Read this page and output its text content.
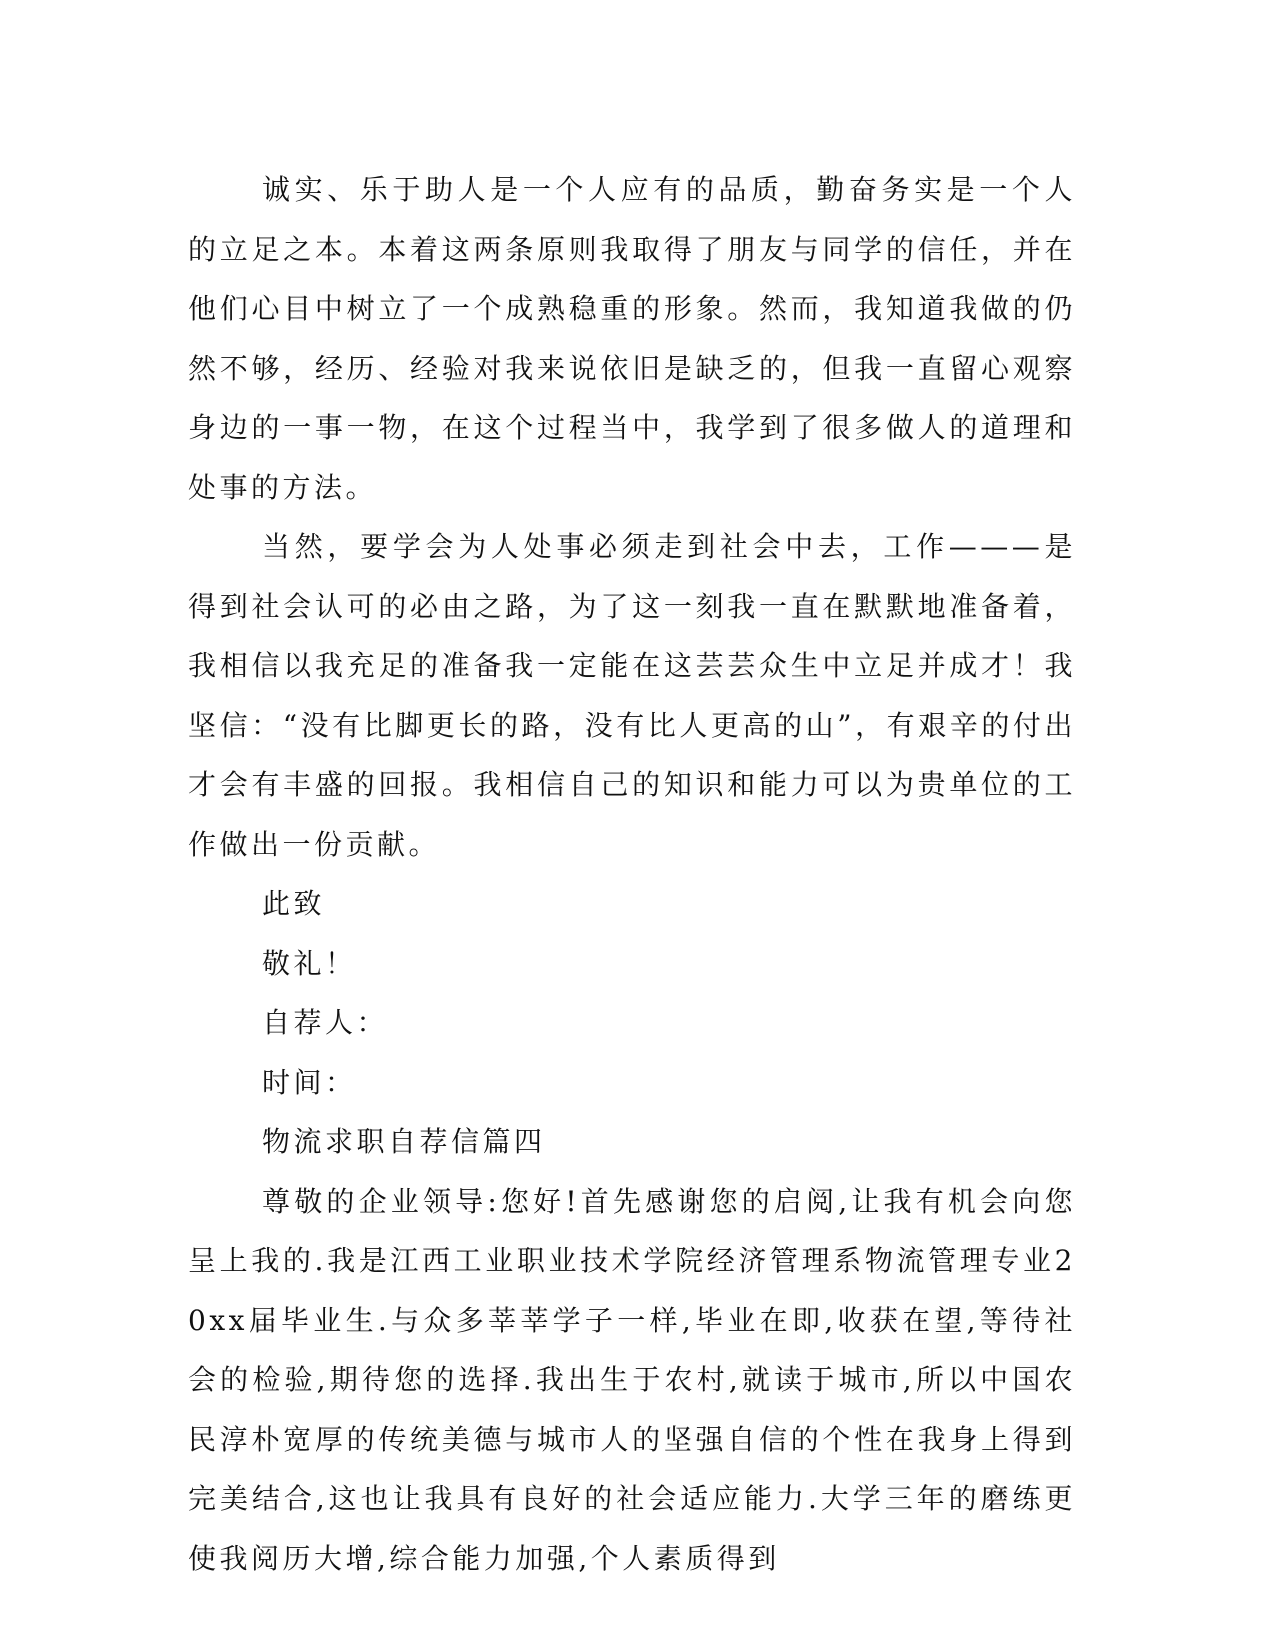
诚实、乐于助人是一个人应有的品质，勤奋务实是一个人的立足之本。本着这两条原则我取得了朋友与同学的信任，并在他们心目中树立了一个成熟稳重的形象。然而，我知道我做的仍然不够，经历、经验对我来说依旧是缺乏的，但我一直留心观察身边的一事一物，在这个过程当中，我学到了很多做人的道理和处事的方法。

当然，要学会为人处事必须走到社会中去，工作———是得到社会认可的必由之路，为了这一刻我一直在默默地准备着，我相信以我充足的准备我一定能在这芸芸众生中立足并成才！我坚信：“没有比脚更长的路，没有比人更高的山”，有艰辛的付出才会有丰盛的回报。我相信自己的知识和能力可以为贵单位的工作做出一份贡献。

此致

敬礼！

自荐人：

时间：

物流求职自荐信篇四

尊敬的企业领导:您好!首先感谢您的启阅,让我有机会向您呈上我的.我是江西工业职业技术学院经济管理系物流管理专业20xx届毕业生.与众多莘莘学子一样,毕业在即,收获在望,等待社会的检验,期待您的选择.我出生于农村,就读于城市,所以中国农民淳朴宽厚的传统美德与城市人的坚强自信的个性在我身上得到完美结合,这也让我具有良好的社会适应能力.大学三年的磨练更使我阅历大增,综合能力加强,个人素质得到
